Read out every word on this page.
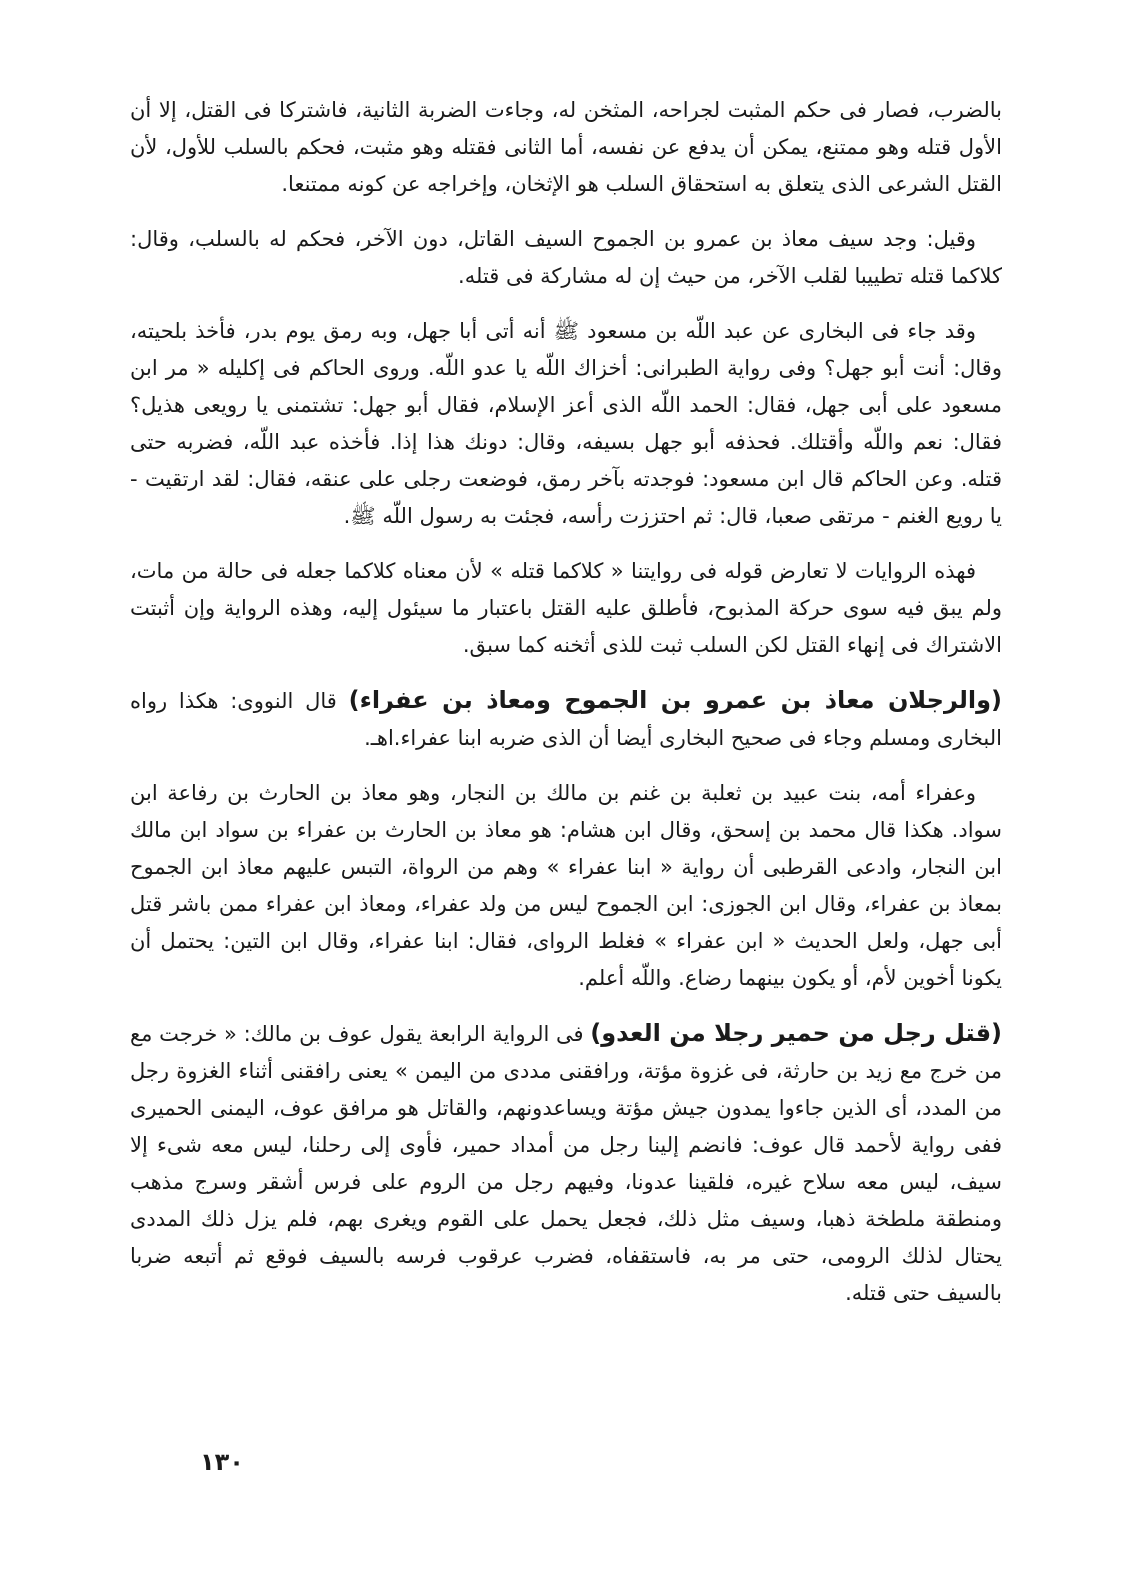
بالضرب، فصار فى حكم المثبت لجراحه، المثخن له، وجاءت الضربة الثانية، فاشتركا فى القتل، إلا أن الأول قتله وهو ممتنع، يمكن أن يدفع عن نفسه، أما الثانى فقتله وهو مثبت، فحكم بالسلب للأول، لأن القتل الشرعى الذى يتعلق به استحقاق السلب هو الإثخان، وإخراجه عن كونه ممتنعا.

وقيل: وجد سيف معاذ بن عمرو بن الجموح السيف القاتل، دون الآخر، فحكم له بالسلب، وقال: كلاكما قتله تطييبا لقلب الآخر، من حيث إن له مشاركة فى قتله.

وقد جاء فى البخارى عن عبد اللّه بن مسعود ﷺ أنه أتى أبا جهل، وبه رمق يوم بدر، فأخذ بلحيته، وقال: أنت أبو جهل؟ وفى رواية الطبرانى: أخزاك اللّه يا عدو اللّه. وروى الحاكم فى إكليله « مر ابن مسعود على أبى جهل، فقال: الحمد اللّه الذى أعز الإسلام، فقال أبو جهل: تشتمنى يا رويعى هذيل؟ فقال: نعم واللّه وأقتلك. فحذفه أبو جهل بسيفه، وقال: دونك هذا إذا. فأخذه عبد اللّه، فضربه حتى قتله. وعن الحاكم قال ابن مسعود: فوجدته بآخر رمق، فوضعت رجلى على عنقه، فقال: لقد ارتقيت - يا رويع الغنم - مرتقى صعبا، قال: ثم احتززت رأسه، فجئت به رسول اللّه ﷺ.

فهذه الروايات لا تعارض قوله فى روايتنا « كلاكما قتله » لأن معناه كلاكما جعله فى حالة من مات، ولم يبق فيه سوى حركة المذبوح، فأطلق عليه القتل باعتبار ما سيئول إليه، وهذه الرواية وإن أثبتت الاشتراك فى إنهاء القتل لكن السلب ثبت للذى أثخنه كما سبق.

(والرجلان معاذ بن عمرو بن الجموح ومعاذ بن عفراء) قال النووى: هكذا رواه البخارى ومسلم وجاء فى صحيح البخارى أيضا أن الذى ضربه ابنا عفراء.اهـ.

وعفراء أمه، بنت عبيد بن ثعلبة بن غنم بن مالك بن النجار، وهو معاذ بن الحارث بن رفاعة ابن سواد. هكذا قال محمد بن إسحق، وقال ابن هشام: هو معاذ بن الحارث بن عفراء بن سواد ابن مالك ابن النجار، وادعى القرطبى أن رواية « ابنا عفراء » وهم من الرواة، التبس عليهم معاذ ابن الجموح بمعاذ بن عفراء، وقال ابن الجوزى: ابن الجموح ليس من ولد عفراء، ومعاذ ابن عفراء ممن باشر قتل أبى جهل، ولعل الحديث « ابن عفراء » فغلط الرواى، فقال: ابنا عفراء، وقال ابن التين: يحتمل أن يكونا أخوين لأم، أو يكون بينهما رضاع. واللّه أعلم.

(قتل رجل من حمير رجلا من العدو) فى الرواية الرابعة يقول عوف بن مالك: « خرجت مع من خرج مع زيد بن حارثة، فى غزوة مؤتة، ورافقنى مددى من اليمن » يعنى رافقنى أثناء الغزوة رجل من المدد، أى الذين جاءوا يمدون جيش مؤتة ويساعدونهم، والقاتل هو مرافق عوف، اليمنى الحميرى ففى رواية لأحمد قال عوف: فانضم إلينا رجل من أمداد حمير، فأوى إلى رحلنا، ليس معه شىء إلا سيف، ليس معه سلاح غيره، فلقينا عدونا، وفيهم رجل من الروم على فرس أشقر وسرج مذهب ومنطقة ملطخة ذهبا، وسيف مثل ذلك، فجعل يحمل على القوم ويغرى بهم، فلم يزل ذلك المددى يحتال لذلك الرومى، حتى مر به، فاستقفاه، فضرب عرقوب فرسه بالسيف فوقع ثم أتبعه ضربا بالسيف حتى قتله.

١٣٠
